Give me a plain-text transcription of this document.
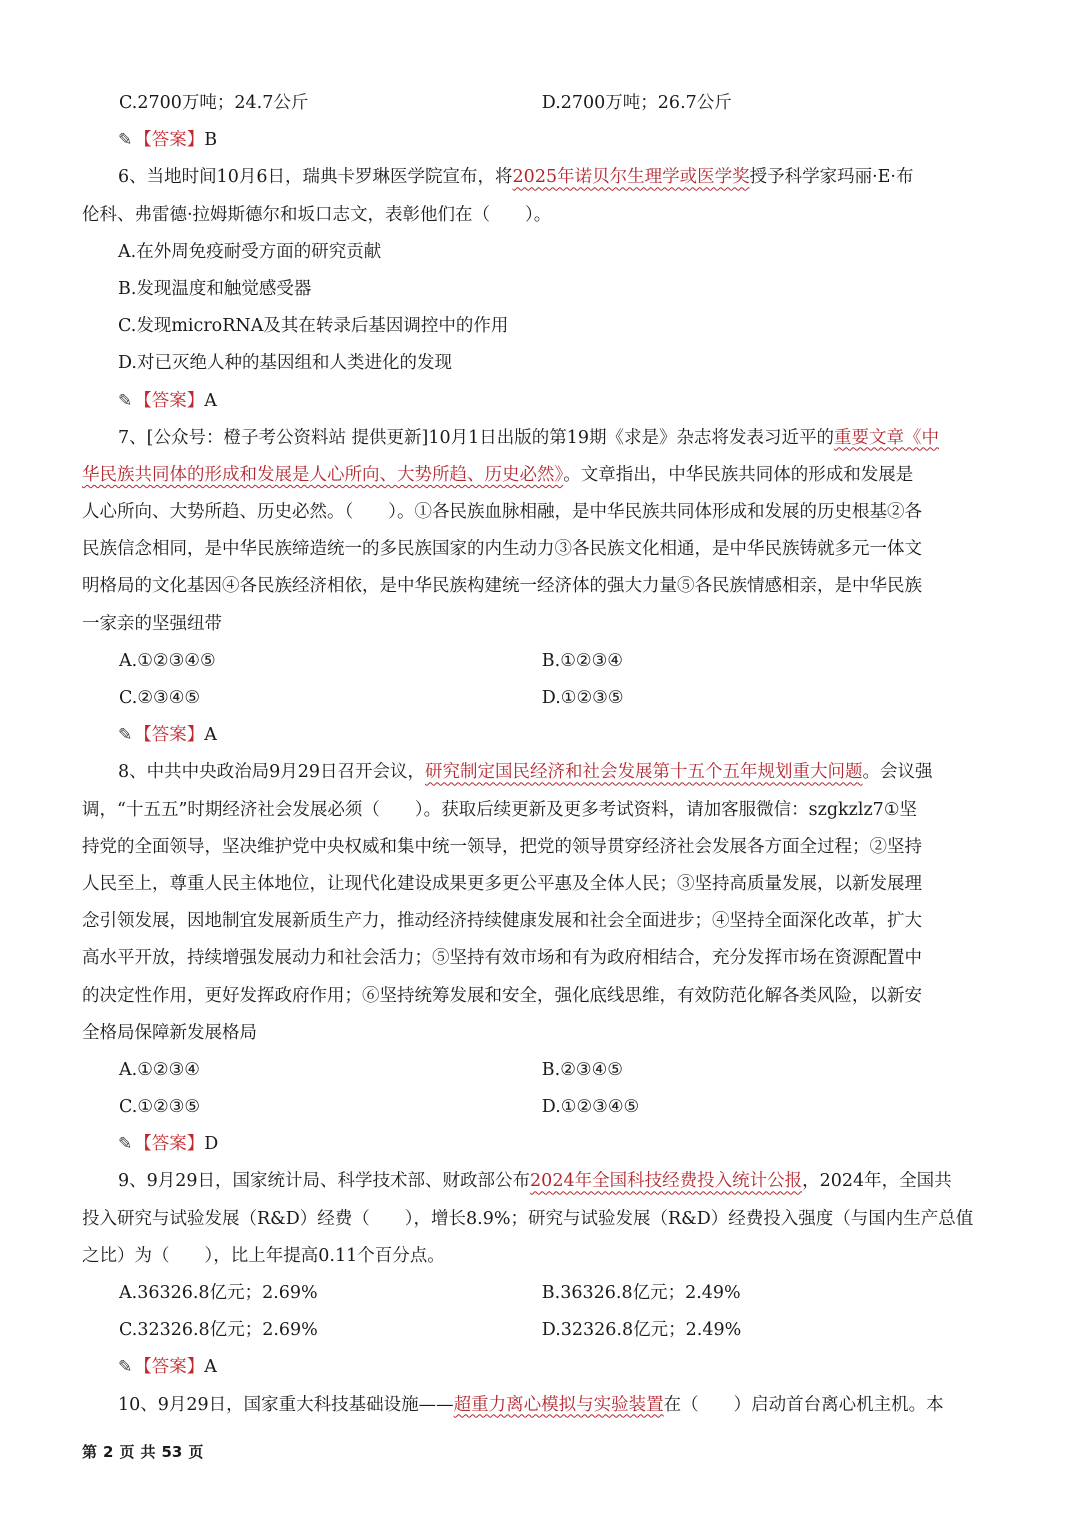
C.2700万吨；24.7公斤	D.2700万吨；26.7公斤
✎ 【答案】B
6、当地时间10月6日，瑞典卡罗琳医学院宣布，将2025年诺贝尔生理学或医学奖授予科学家玛丽·E·布
伦科、弗雷德·拉姆斯德尔和坂口志文，表彰他们在（　　）。
A.在外周免疫耐受方面的研究贡献
B.发现温度和触觉感受器
C.发现microRNA及其在转录后基因调控中的作用
D.对已灭绝人种的基因组和人类进化的发现
✎ 【答案】A
7、[公众号：橙子考公资料站 提供更新]10月1日出版的第19期《求是》杂志将发表习近平的重要文章《中
华民族共同体的形成和发展是人心所向、大势所趋、历史必然》。文章指出，中华民族共同体的形成和发展是
人心所向、大势所趋、历史必然。（　　）。①各民族血脉相融，是中华民族共同体形成和发展的历史根基②各
民族信念相同，是中华民族缔造统一的多民族国家的内生动力③各民族文化相通，是中华民族铸就多元一体文
明格局的文化基因④各民族经济相依，是中华民族构建统一经济体的强大力量⑤各民族情感相亲，是中华民族
一家亲的坚强纽带
A.①②③④⑤	B.①②③④
C.②③④⑤	D.①②③⑤
✎ 【答案】A
8、中共中央政治局9月29日召开会议，研究制定国民经济和社会发展第十五个五年规划重大问题。会议强
调，“十五五”时期经济社会发展必须（　　）。获取后续更新及更多考试资料，请加客服微信：szgkzlz7①坚
持党的全面领导，坚决维护党中央权威和集中统一领导，把党的领导贯穿经济社会发展各方面全过程；②坚持
人民至上，尊重人民主体地位，让现代化建设成果更多更公平惠及全体人民；③坚持高质量发展，以新发展理
念引领发展，因地制宜发展新质生产力，推动经济持续健康发展和社会全面进步；④坚持全面深化改革，扩大
高水平开放，持续增强发展动力和社会活力；⑤坚持有效市场和有为政府相结合，充分发挥市场在资源配置中
的决定性作用，更好发挥政府作用；⑥坚持统筹发展和安全，强化底线思维，有效防范化解各类风险，以新安
全格局保障新发展格局
A.①②③④	B.②③④⑤
C.①②③⑤	D.①②③④⑤
✎ 【答案】D
9、9月29日，国家统计局、科学技术部、财政部公布2024年全国科技经费投入统计公报，2024年，全国共
投入研究与试验发展（R&D）经费（　　），增长8.9%；研究与试验发展（R&D）经费投入强度（与国内生产总值
之比）为（　　），比上年提高0.11个百分点。
A.36326.8亿元；2.69%	B.36326.8亿元；2.49%
C.32326.8亿元；2.69%	D.32326.8亿元；2.49%
✎ 【答案】A
10、9月29日，国家重大科技基础设施——超重力离心模拟与实验装置在（　　）启动首台离心机主机。本
第 2 页 共 53 页
